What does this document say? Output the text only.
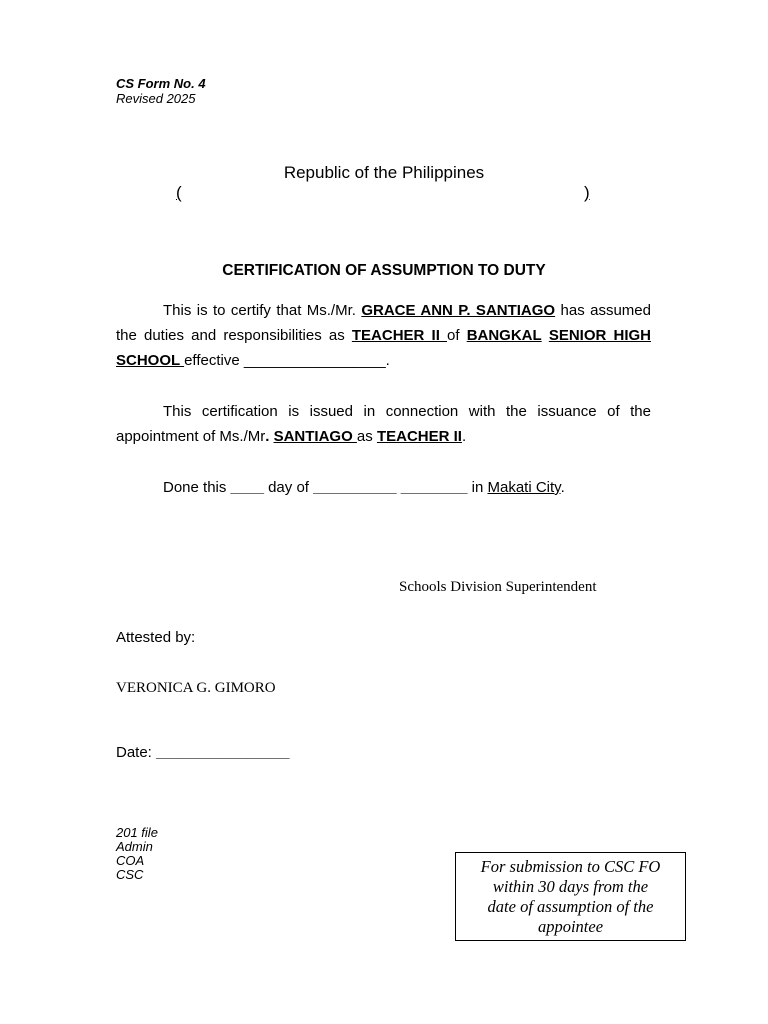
CS Form No. 4
Revised 2025
Republic of the Philippines
(	)
CERTIFICATION OF ASSUMPTION TO DUTY
This is to certify that Ms./Mr. GRACE ANN P. SANTIAGO has assumed the duties and responsibilities as TEACHER II of BANGKAL SENIOR HIGH SCHOOL effective _________________.
This certification is issued in connection with the issuance of the appointment of Ms./Mr. SANTIAGO as TEACHER II.
Done this ____ day of __________ ________ in Makati City.
Schools Division Superintendent
Attested by:
VERONICA G. GIMORO
Date: ________________
201 file
Admin
COA
CSC	For submission to CSC FO
within 30 days from the
date of assumption of the
appointee
